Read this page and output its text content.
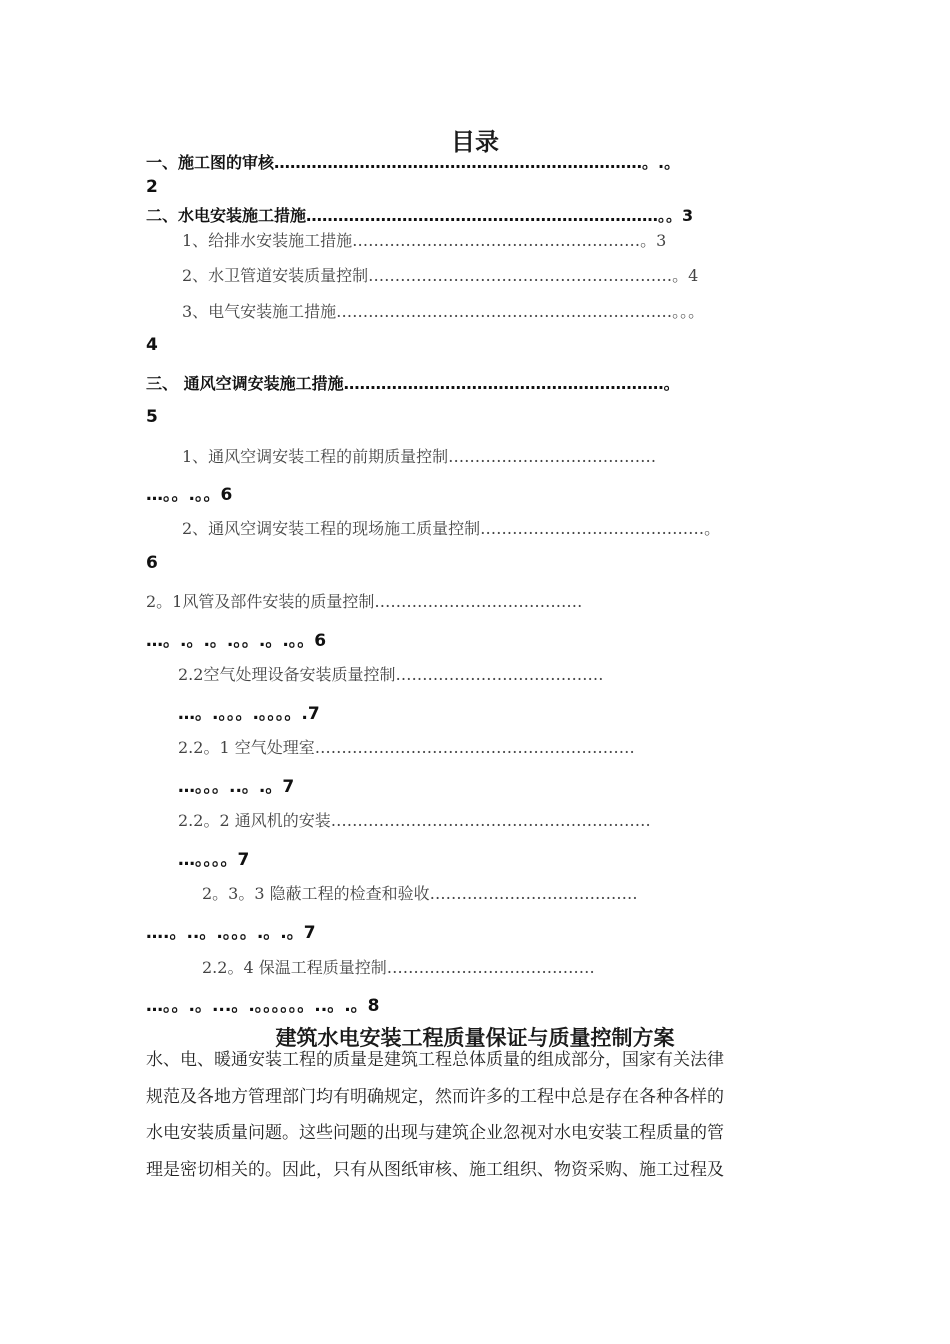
目录
一、施工图的审核……………………………………………………………。.。
2
二、水电安装施工措施…………………………………………………………。。3
1、给排水安装施工措施………………………………………………。3
2、水卫管道安装质量控制…………………………………………………。4
3、电气安装施工措施………………………………………………………。。。
4
三、 通风空调安装施工措施……………………………………………………。
5
1、通风空调安装工程的前期质量控制…………………………………
…。。.。。6
2、通风空调安装工程的现场施工质量控制……………………………………。
6
2。1风管及部件安装的质量控制…………………………………
…。.。.。.。。.。.。。6
2.2空气处理设备安装质量控制…………………………………
…。.。。。.。。。。.7
2.2。1 空气处理室……………………………………………………
…。。。..。.。7
2.2。2 通风机的安装……………………………………………………
…。。。。7
2。3。3 隐蔽工程的检查和验收…………………………………
….。..。.。。。.。.。7
2.2。4 保温工程质量控制…………………………………
…。。.。...。.。。。。。。..。.。8
建筑水电安装工程质量保证与质量控制方案

水、电、暖通安装工程的质量是建筑工程总体质量的组成部分，国家有关法律

规范及各地方管理部门均有明确规定，然而许多的工程中总是存在各种各样的

水电安装质量问题。这些问题的出现与建筑企业忽视对水电安装工程质量的管

理是密切相关的。因此，只有从图纸审核、施工组织、物资采购、施工过程及
